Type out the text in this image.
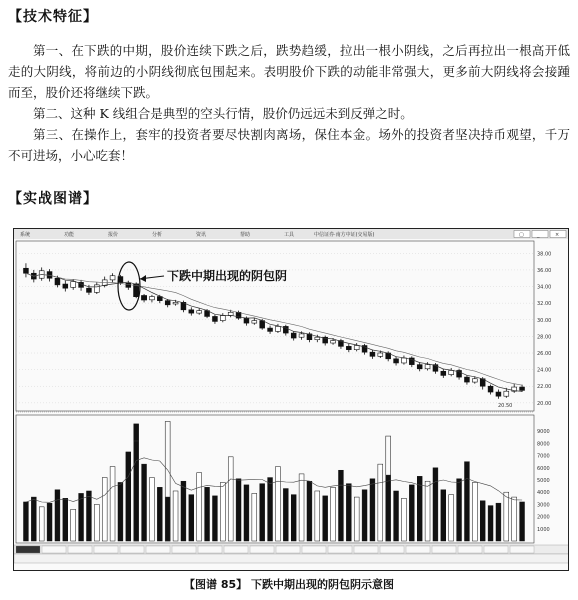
【技术特征】

第一、在下跌的中期，股价连续下跌之后，跌势趋缓，拉出一根小阴线，之后再拉出一根高开低走的大阴线，将前边的小阴线彻底包围起来。表明股价下跌的动能非常强大，更多前大阴线将会接踵而至，股价还将继续下跌。

第二、这种 K 线组合是典型的空头行情，股价仍远远未到反弹之时。

第三、在操作上，套牢的投资者要尽快割肉离场，保住本金。场外的投资者坚决持币观望，千万不可进场，小心吃套！

【实战图谱】
系统	功能	报价	分析	资讯	帮助	工具	中信证券·南方中证(交易版)	▢	_	×
38.00
36.00
34.00
32.00
30.00
28.00
26.00
24.00
22.00
20.00
9000
8000
7000
6000
5000
4000
3000
2000
1000
下跌中期出现的阴包阴
20.50
【图谱 85】 下跌中期出现的阴包阴示意图
